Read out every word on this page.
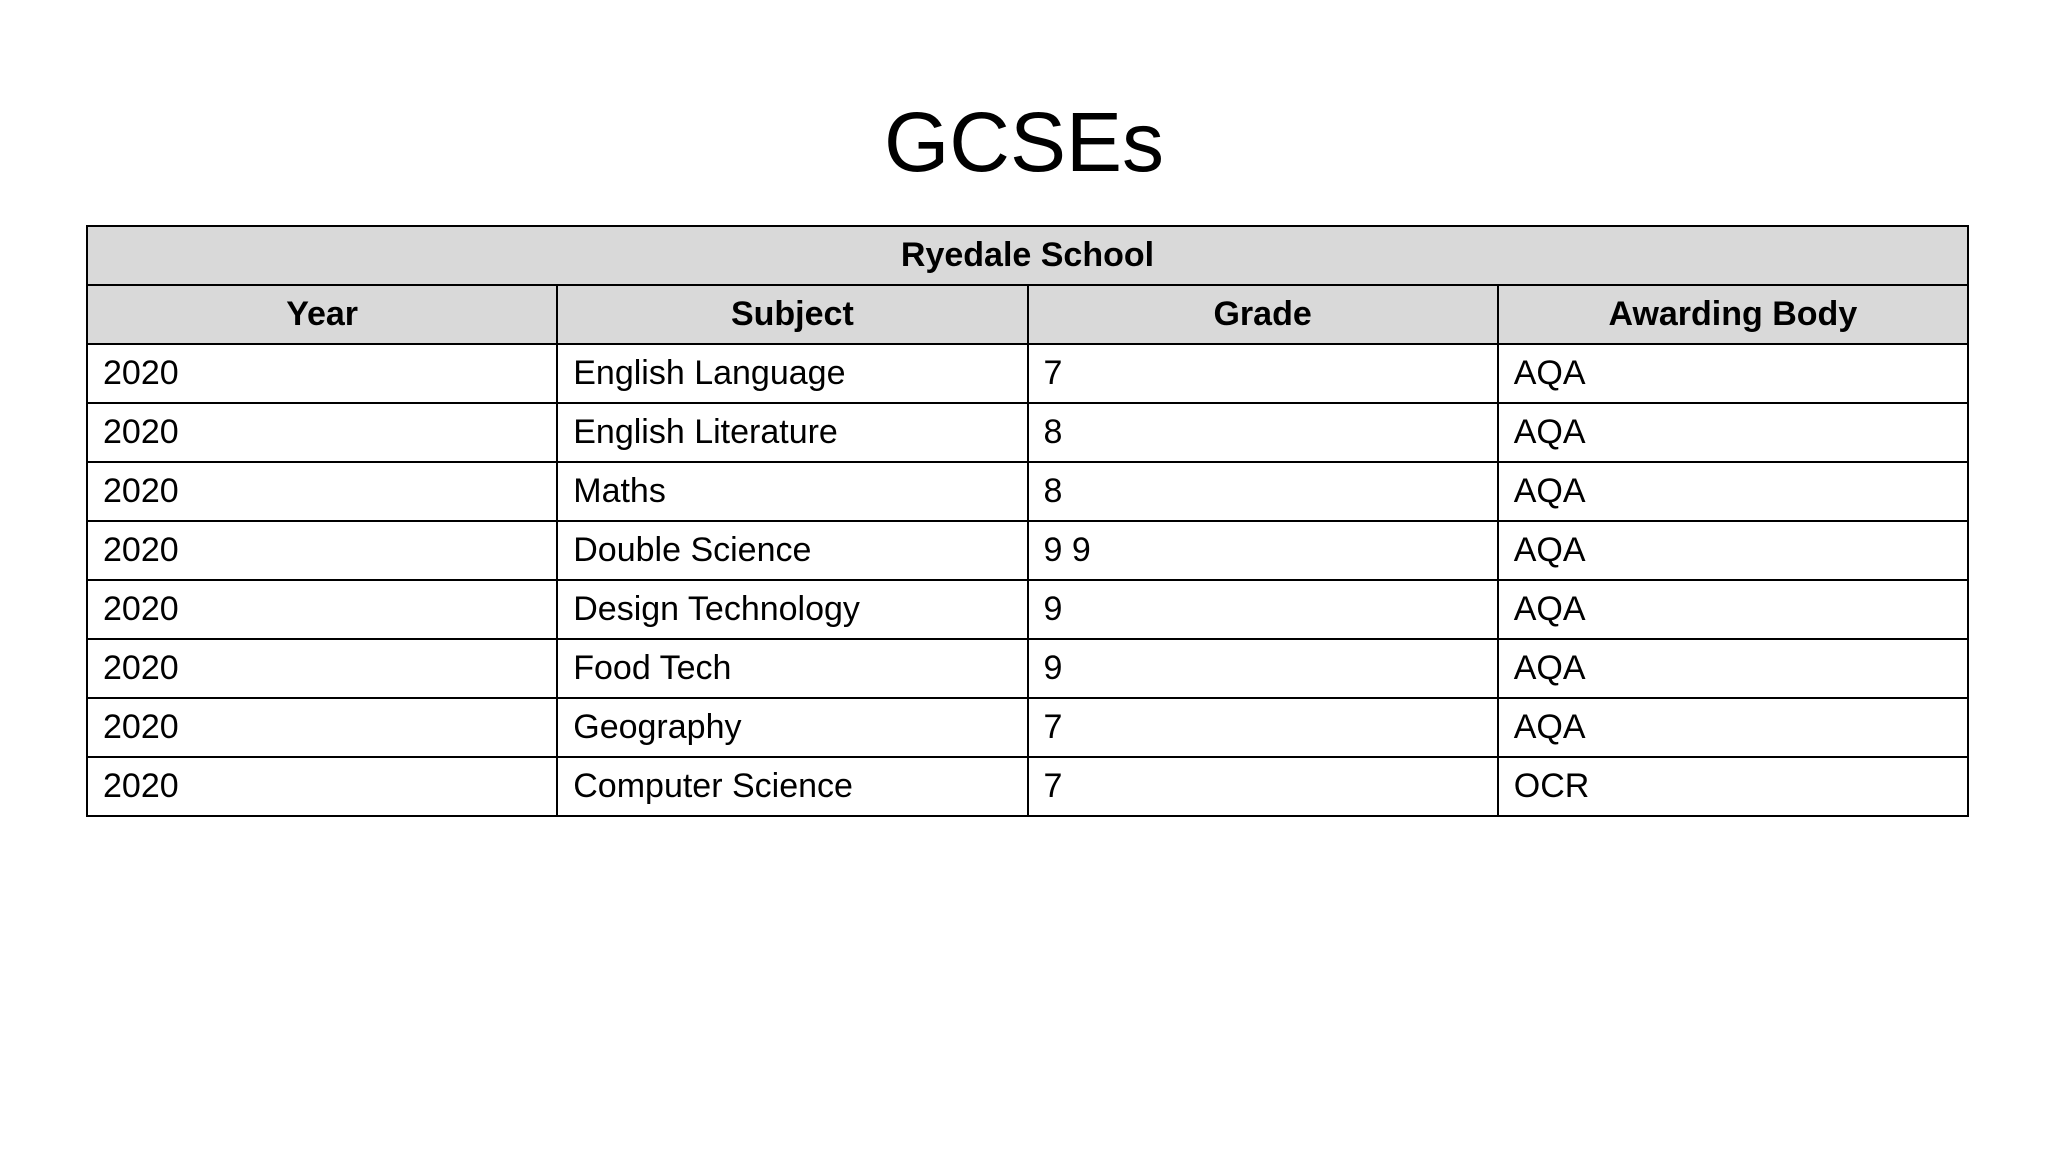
GCSEs
Ryedale School			
Year	Subject	Grade	Awarding Body
2020	English Language	7	AQA
2020	English Literature	8	AQA
2020	Maths	8	AQA
2020	Double Science	9 9	AQA
2020	Design Technology	9	AQA
2020	Food Tech	9	AQA
2020	Geography	7	AQA
2020	Computer Science	7	OCR
